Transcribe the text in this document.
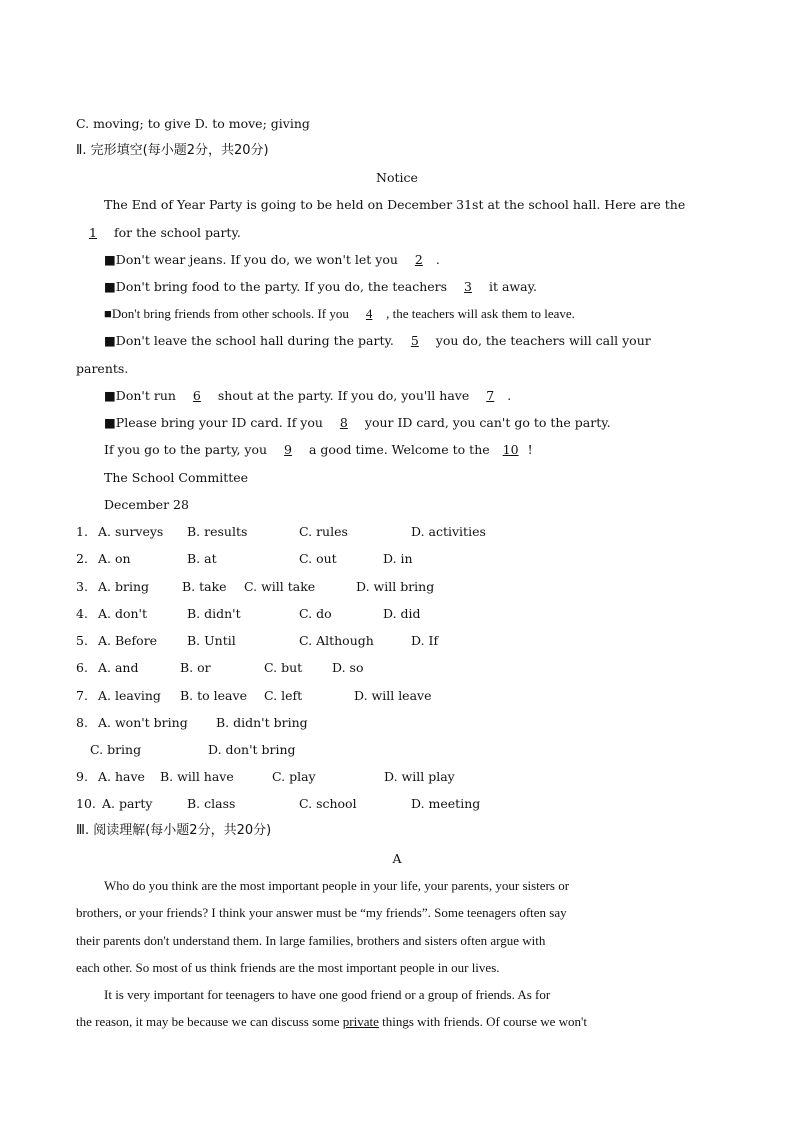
C. moving; to give D. to move; giving
Ⅱ. 完形填空(每小题2分，共20分)
Notice
The End of Year Party is going to be held on December 31st at the school hall. Here are the
1 for the school party.
■Don't wear jeans. If you do, we won't let you 2 .
■Don't bring food to the party. If you do, the teachers 3 it away.
■Don't bring friends from other schools. If you 4 , the teachers will ask them to leave.
■Don't leave the school hall during the party. 5 you do, the teachers will call your
parents.
■Don't run 6 shout at the party. If you do, you'll have 7 .
■Please bring your ID card. If you 8 your ID card, you can't go to the party.
If you go to the party, you 9 a good time. Welcome to the 10 !
The School Committee
December 28
1. A. surveys B. results	C. rules	D. activities
2. A. on	B. at	C. out	D. in
3. A. bring	B. take C. will take	D. will bring
4. A. don't	B. didn't	C. do	D. did
5. A. Before B. Until	C. Although	D. If
6. A. and	B. or	C. but D. so
7. A. leaving B. to leave C. left	D. will leave
8. A. won't bring B. didn't bring
C. bring	D. don't bring
9. A. have B. will have	C. play	D. will play
10. A. party	B. class	C. school	D. meeting
Ⅲ. 阅读理解(每小题2分，共20分)
A
Who do you think are the most important people in your life, your parents, your sisters or
brothers, or your friends? I think your answer must be “my friends”. Some teenagers often say
their parents don't understand them. In large families, brothers and sisters often argue with
each other. So most of us think friends are the most important people in our lives.
It is very important for teenagers to have one good friend or a group of friends. As for
the reason, it may be because we can discuss some private things with friends. Of course we won't
